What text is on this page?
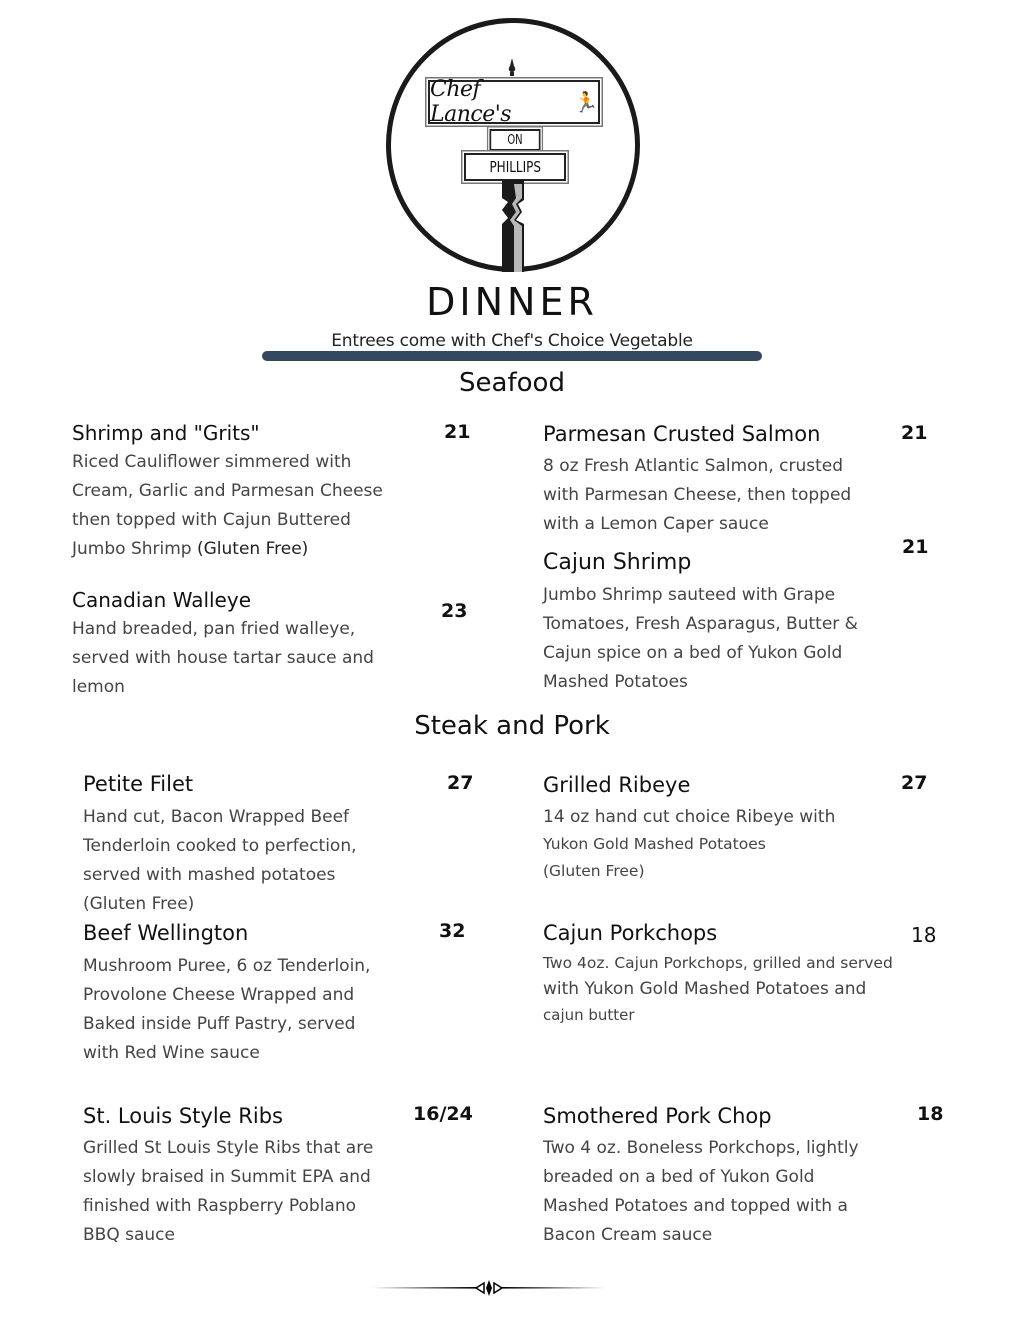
Chef Lance's	🏃
ON
PHILLIPS
DINNER
Entrees come with Chef's Choice Vegetable
Seafood
Shrimp and "Grits"	21
Riced Cauliflower simmered with
Cream, Garlic and Parmesan Cheese
then topped with Cajun Buttered
Jumbo Shrimp (Gluten Free)
Canadian Walleye	23
Hand breaded, pan fried walleye,
served with house tartar sauce and
lemon
Parmesan Crusted Salmon	21
8 oz Fresh Atlantic Salmon, crusted
with Parmesan Cheese, then topped
with a Lemon Caper sauce
Cajun Shrimp
21
Jumbo Shrimp sauteed with Grape
Tomatoes, Fresh Asparagus, Butter &
Cajun spice on a bed of Yukon Gold
Mashed Potatoes
Steak and Pork
Petite Filet	27
Hand cut, Bacon Wrapped Beef
Tenderloin cooked to perfection,
served with mashed potatoes
(Gluten Free)
Beef Wellington	32
Mushroom Puree, 6 oz Tenderloin,
Provolone Cheese Wrapped and
Baked inside Puff Pastry, served
with Red Wine sauce
St. Louis Style Ribs	16/24
Grilled St Louis Style Ribs that are
slowly braised in Summit EPA and
finished with Raspberry Poblano
BBQ sauce
Grilled Ribeye	27
14 oz hand cut choice Ribeye with
Yukon Gold Mashed Potatoes
(Gluten Free)
Cajun Porkchops	18
Two 4oz. Cajun Porkchops, grilled and served
with Yukon Gold Mashed Potatoes and
cajun butter
Smothered Pork Chop	18
Two 4 oz. Boneless Porkchops, lightly
breaded on a bed of Yukon Gold
Mashed Potatoes and topped with a
Bacon Cream sauce
